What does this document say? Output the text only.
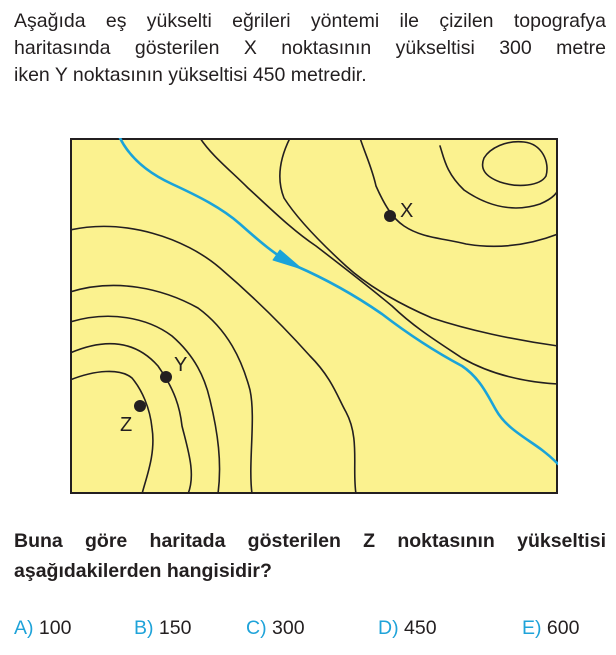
Aşağıda eş yükselti eğrileri yöntemi ile çizilen topografya
haritasında gösterilen X noktasının yükseltisi 300 metre
iken Y noktasının yükseltisi 450 metredir.
X
Y
Z
Buna göre haritada gösterilen Z noktasının yükseltisi
aşağıdakilerden hangisidir?
A) 100	B) 150	C) 300	D) 450	E) 600
